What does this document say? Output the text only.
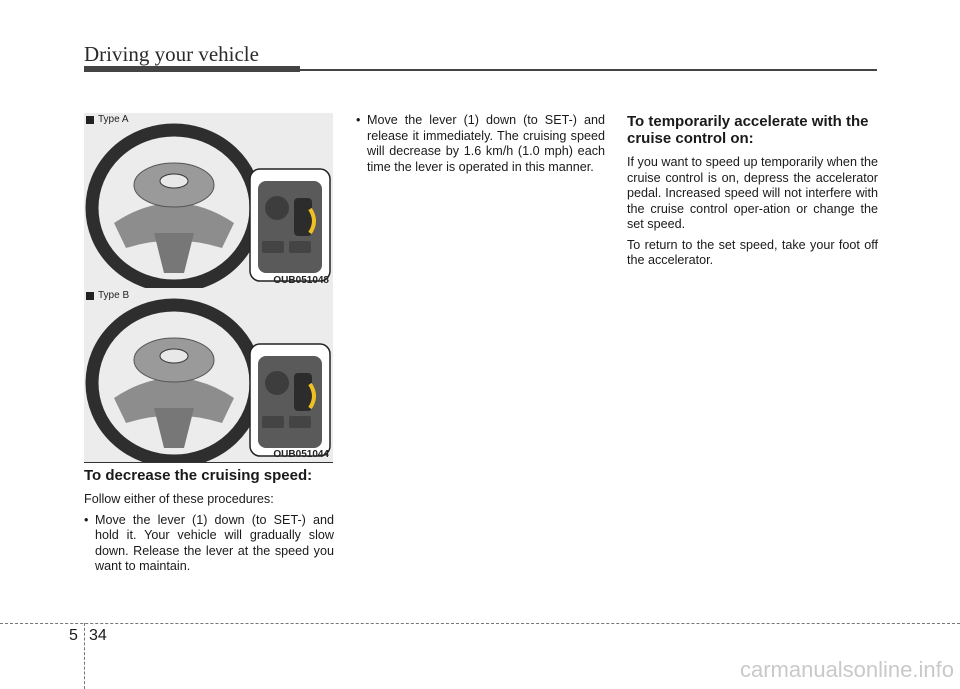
Driving your vehicle
Type A
OUB051048
Type B
OUB051044
To decrease the cruising speed:

Follow either of these procedures:

• Move the lever (1) down (to SET-) and hold it. Your vehicle will gradually slow down. Release the lever at the speed you want to maintain.
• Move the lever (1) down (to SET-) and release it immediately. The cruising speed will decrease by 1.6 km/h (1.0 mph) each time the lever is operated in this manner.
To temporarily accelerate with the cruise control on:

If you want to speed up temporarily when the cruise control is on, depress the accelerator pedal. Increased speed will not interfere with the cruise control oper-ation or change the set speed.

To return to the set speed, take your foot off the accelerator.

5 34
carmanualsonline.info
